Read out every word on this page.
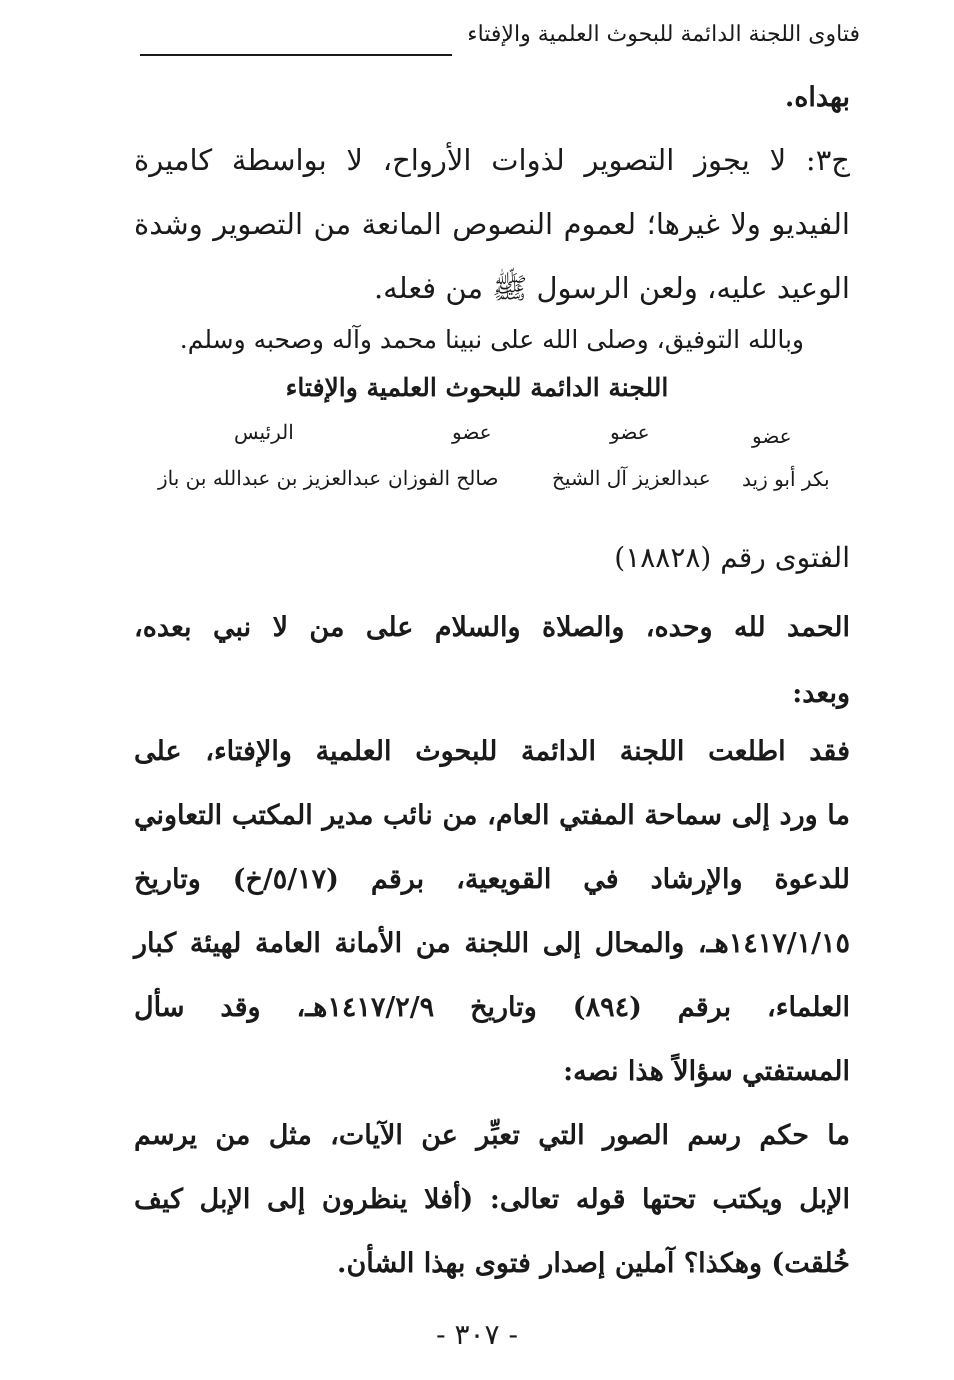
فتاوى اللجنة الدائمة للبحوث العلمية والإفتاء
بهداه.
ج٣: لا يجوز التصوير لذوات الأرواح، لا بواسطة كاميرة
الفيديو ولا غيرها؛ لعموم النصوص المانعة من التصوير وشدة
الوعيد عليه، ولعن الرسول ﷺ من فعله.
وبالله التوفيق، وصلى الله على نبينا محمد وآله وصحبه وسلم.
اللجنة الدائمة للبحوث العلمية والإفتاء
عضو
بكر أبو زيد
عضو
عبدالعزيز آل الشيخ
عضو
صالح الفوزان
الرئيس
عبدالعزيز بن عبدالله بن باز
الفتوى رقم (١٨٨٢٨)
الحمد لله وحده، والصلاة والسلام على من لا نبي بعده،
وبعد:
فقد اطلعت اللجنة الدائمة للبحوث العلمية والإفتاء، على
ما ورد إلى سماحة المفتي العام، من نائب مدير المكتب التعاوني
للدعوة والإرشاد في القويعية، برقم (٥/١٧/خ) وتاريخ
١٤١٧/١/١٥هـ، والمحال إلى اللجنة من الأمانة العامة لهيئة كبار
العلماء، برقم (٨٩٤) وتاريخ ١٤١٧/٢/٩هـ، وقد سأل
المستفتي سؤالاً هذا نصه:
ما حكم رسم الصور التي تعبِّر عن الآيات، مثل من يرسم
الإبل ويكتب تحتها قوله تعالى: (أفلا ينظرون إلى الإبل كيف
خُلقت) وهكذا؟ آملين إصدار فتوى بهذا الشأن.
- ٣٠٧ -
